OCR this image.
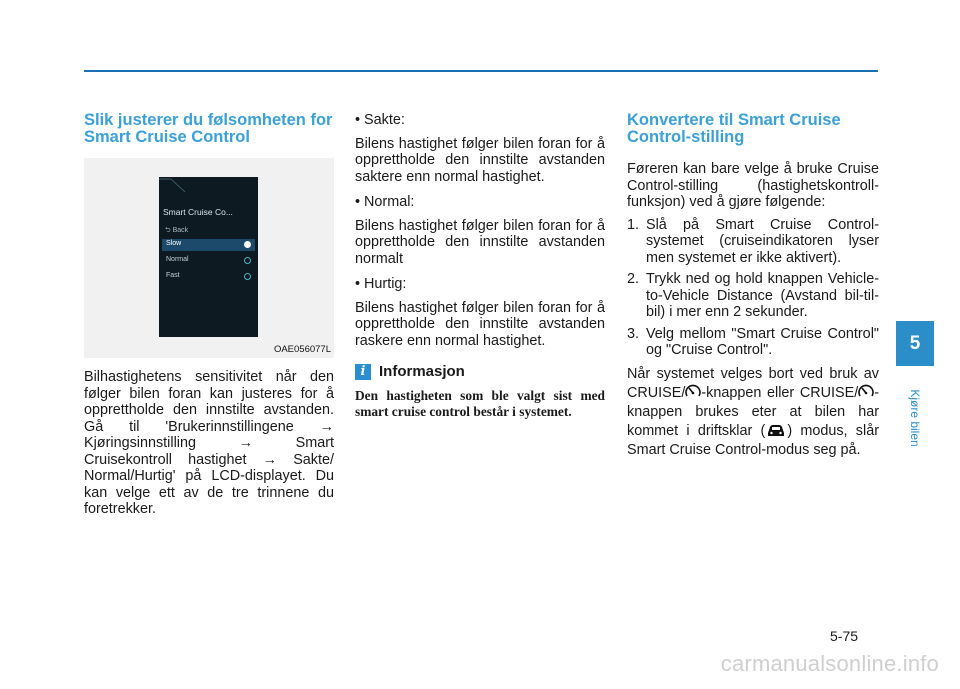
Slik justerer du følsomheten for Smart Cruise Control
Smart Cruise Co...
⮌ Back
Slow
Normal
Fast
OAE056077L

Bilhastighetens sensitivitet når den følger bilen foran kan justeres for å opprettholde den innstilte avstanden. Gå til 'Brukerinnstillingene → Kjøringsinnstilling	→	Smart Cruisekontroll hastighet → Sakte/ Normal/Hurtig' på LCD-displayet. Du kan velge ett av de tre trinnene du foretrekker.

• Sakte:

Bilens hastighet følger bilen foran for å opprettholde den innstilte avstanden saktere enn normal hastighet.

• Normal:

Bilens hastighet følger bilen foran for å opprettholde den innstilte avstanden normalt

• Hurtig:

Bilens hastighet følger bilen foran for å opprettholde den innstilte avstanden raskere enn normal hastighet.

i Informasjon

Den hastigheten som ble valgt sist med smart cruise control består i systemet.

Konvertere til Smart Cruise Control-stilling

Føreren kan bare velge å bruke Cruise Control-stilling (hastighetskontroll-funksjon) ved å gjøre følgende:

1. Slå på Smart Cruise Control-systemet (cruiseindikatoren lyser men systemet er ikke aktivert).
2. Trykk ned og hold knappen Vehicle-to-Vehicle Distance (Avstand bil-til-bil) i mer enn 2 sekunder.
3. Velg mellom "Smart Cruise Control" og "Cruise Control".

Når systemet velges bort ved bruk av CRUISE/ -knappen eller CRUISE/ -knappen brukes eter at bilen har kommet i driftsklar ( ) modus, slår Smart Cruise Control-modus seg på.

5
Kjøre bilen
5-75
carmanualsonline.info
